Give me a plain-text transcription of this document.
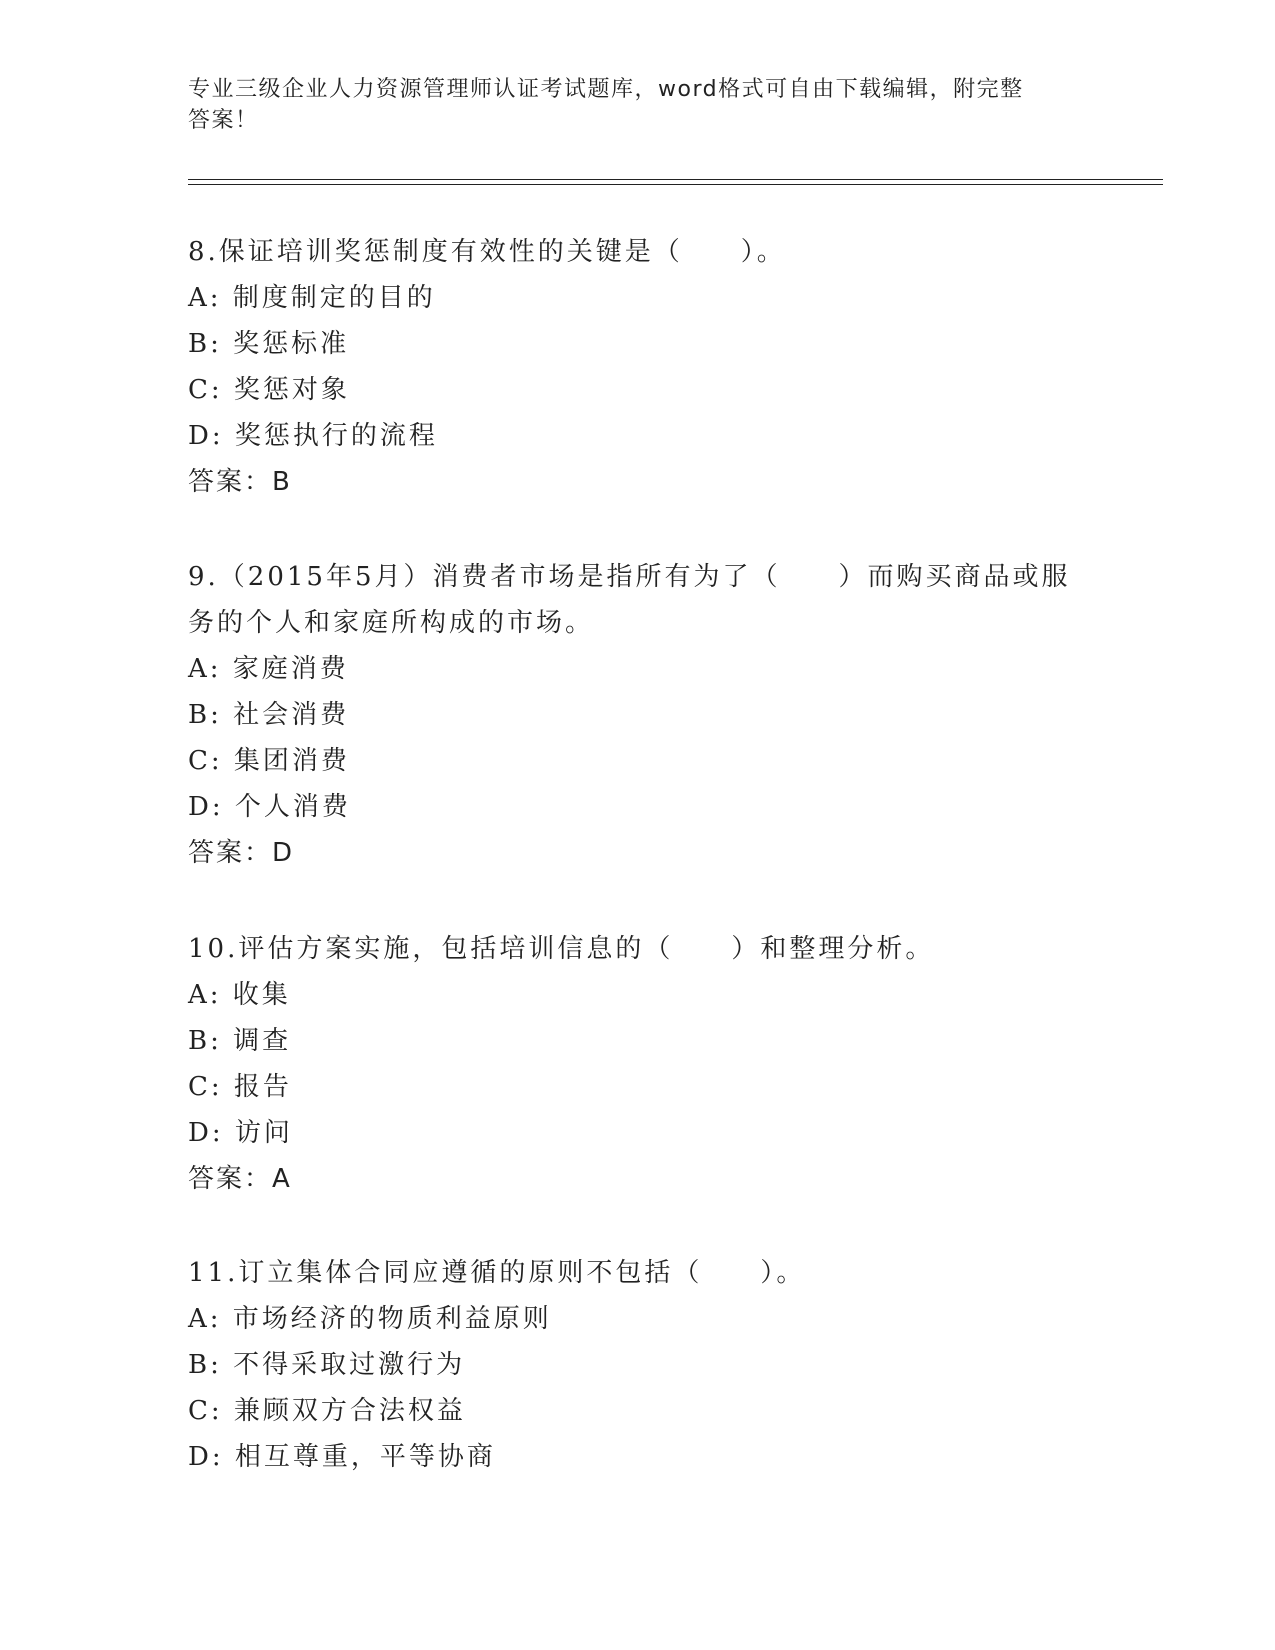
专业三级企业人力资源管理师认证考试题库，word格式可自由下载编辑，附完整
答案！

8.保证培训奖惩制度有效性的关键是（　　）。

A: 制度制定的目的

B: 奖惩标准

C: 奖惩对象

D: 奖惩执行的流程

答案：B

9.（2015年5月）消费者市场是指所有为了（　　）而购买商品或服

务的个人和家庭所构成的市场。

A: 家庭消费

B: 社会消费

C: 集团消费

D: 个人消费

答案：D

10.评估方案实施，包括培训信息的（　　）和整理分析。

A: 收集

B: 调查

C: 报告

D: 访问

答案：A

11.订立集体合同应遵循的原则不包括（　　）。

A: 市场经济的物质利益原则

B: 不得采取过激行为

C: 兼顾双方合法权益

D: 相互尊重，平等协商
